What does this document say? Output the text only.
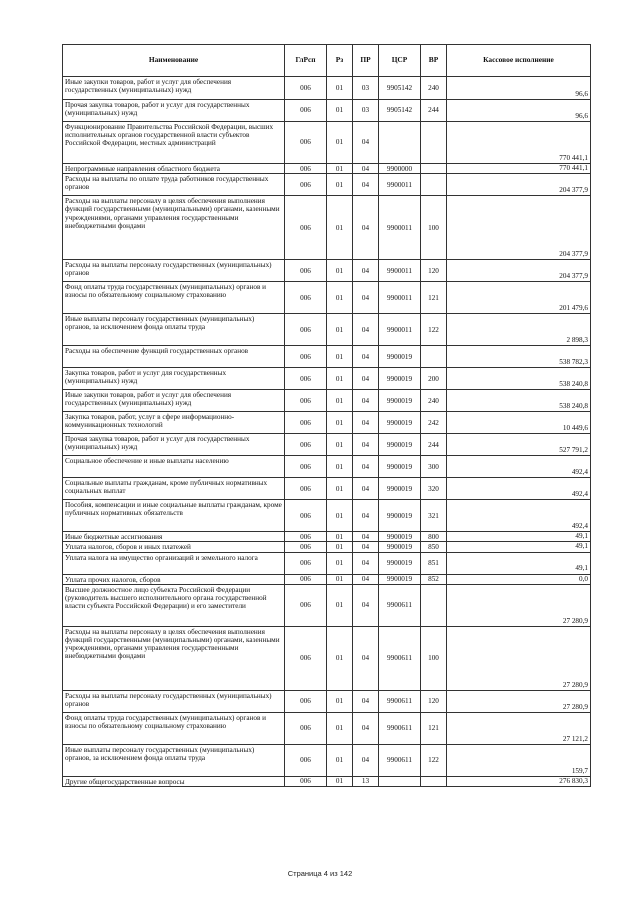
Наименование	ГлРсп	Рз	ПР	ЦСР	ВР	Кассовое исполнение
Иные закупки товаров, работ и услуг для обеспечения государственных (муниципальных) нужд	006	01	03	9905142	240	96,6
Прочая закупка товаров, работ и услуг для государственных (муниципальных) нужд	006	01	03	9905142	244	96,6
Функционирование Правительства Российской Федерации, высших исполнительных органов государственной власти субъектов Российской Федерации, местных администраций	006	01	04			770 441,1
Непрограммные направления областного бюджета	006	01	04	9900000		770 441,1
Расходы на выплаты по оплате труда работников государственных органов	006	01	04	9900011		204 377,9
Расходы на выплаты персоналу в целях обеспечения выполнения функций государственными (муниципальными) органами, казенными учреждениями, органами управления государственными внебюджетными фондами	006	01	04	9900011	100	204 377,9
Расходы на выплаты персоналу государственных (муниципальных) органов	006	01	04	9900011	120	204 377,9
Фонд оплаты труда государственных (муниципальных) органов и взносы по обязательному социальному страхованию	006	01	04	9900011	121	201 479,6
Иные выплаты персоналу государственных (муниципальных) органов, за исключением фонда оплаты труда	006	01	04	9900011	122	2 898,3
Расходы на обеспечение функций государственных органов	006	01	04	9900019		538 782,3
Закупка товаров, работ и услуг для государственных (муниципальных) нужд	006	01	04	9900019	200	538 240,8
Иные закупки товаров, работ и услуг для обеспечения государственных (муниципальных) нужд	006	01	04	9900019	240	538 240,8
Закупка товаров, работ, услуг в сфере информационно-коммуникационных технологий	006	01	04	9900019	242	10 449,6
Прочая закупка товаров, работ и услуг для государственных (муниципальных) нужд	006	01	04	9900019	244	527 791,2
Социальное обеспечение и иные выплаты населению	006	01	04	9900019	300	492,4
Социальные выплаты гражданам, кроме публичных нормативных социальных выплат	006	01	04	9900019	320	492,4
Пособия, компенсации и иные социальные выплаты гражданам, кроме публичных нормативных обязательств	006	01	04	9900019	321	492,4
Иные бюджетные ассигнования	006	01	04	9900019	800	49,1
Уплата налогов, сборов и иных платежей	006	01	04	9900019	850	49,1
Уплата налога на имущество организаций и земельного налога	006	01	04	9900019	851	49,1
Уплата прочих налогов, сборов	006	01	04	9900019	852	0,0
Высшее должностное лицо субъекта Российской Федерации (руководитель высшего исполнительного органа государственной власти субъекта Российской Федерации) и его заместители	006	01	04	9900611		27 280,9
Расходы на выплаты персоналу в целях обеспечения выполнения функций государственными (муниципальными) органами, казенными учреждениями, органами управления государственными внебюджетными фондами	006	01	04	9900611	100	27 280,9
Расходы на выплаты персоналу государственных (муниципальных) органов	006	01	04	9900611	120	27 280,9
Фонд оплаты труда государственных (муниципальных) органов и взносы по обязательному социальному страхованию	006	01	04	9900611	121	27 121,2
Иные выплаты персоналу государственных (муниципальных) органов, за исключением фонда оплаты труда	006	01	04	9900611	122	159,7
Другие общегосударственные вопросы	006	01	13			276 830,3
Страница 4 из 142
